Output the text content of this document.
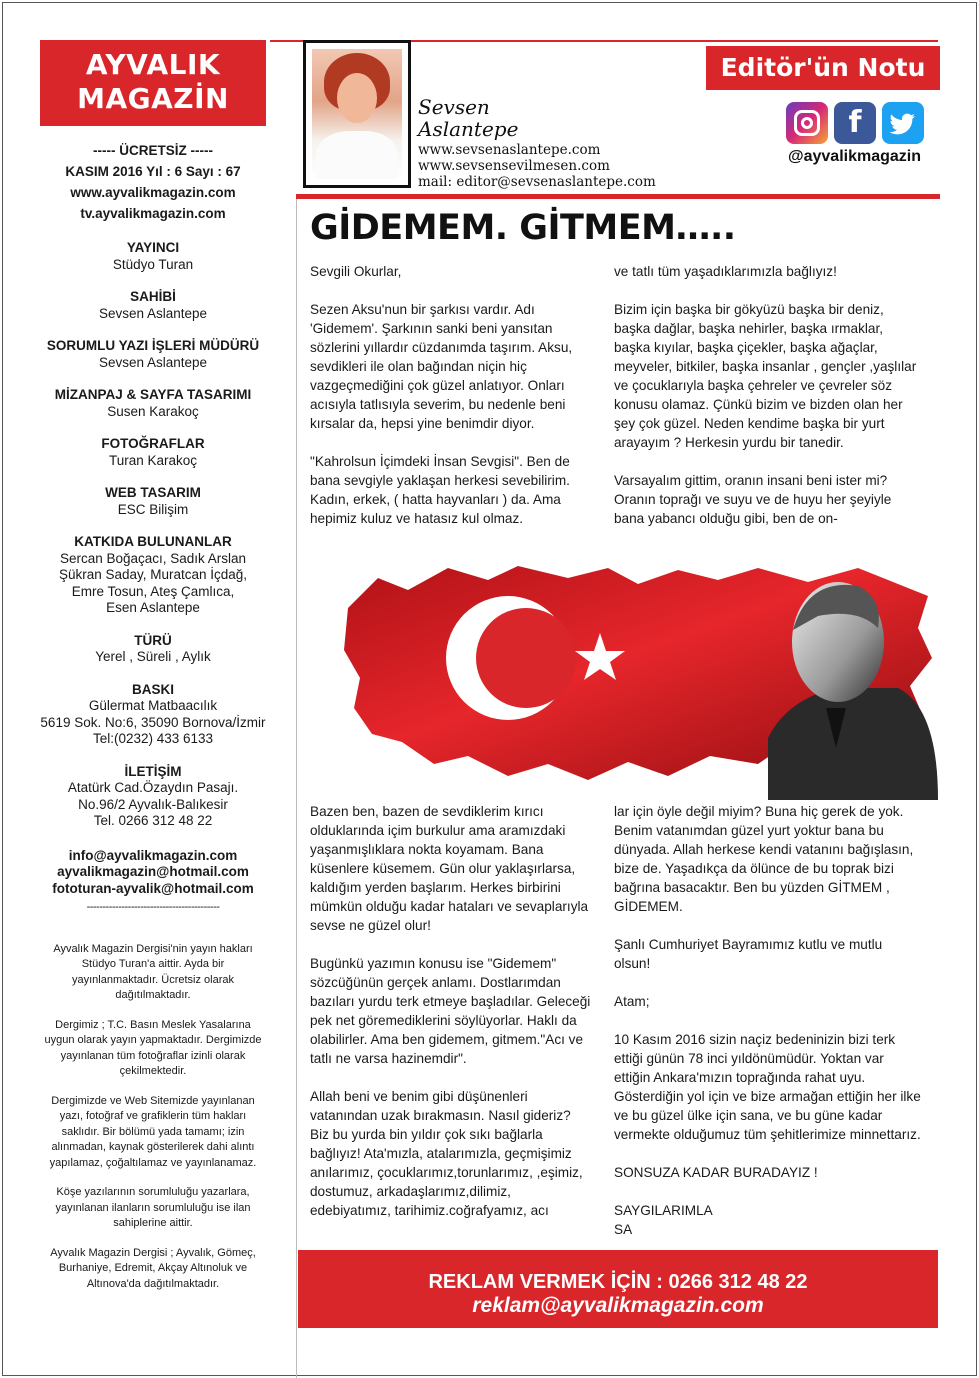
AYVALIK
MAGAZİN
----- ÜCRETSİZ -----
KASIM 2016 Yıl : 6 Sayı : 67
www.ayvalikmagazin.com
tv.ayvalikmagazin.com
YAYINCI
Stüdyo Turan
SAHİBİ
Sevsen Aslantepe
SORUMLU YAZI İŞLERİ MÜDÜRÜ
Sevsen Aslantepe
MİZANPAJ & SAYFA TASARIMI
Susen Karakoç
FOTOĞRAFLAR
Turan Karakoç
WEB TASARIM
ESC Bilişim
KATKIDA BULUNANLAR
Sercan Boğaçacı, Sadık Arslan
Şükran Saday, Muratcan İçdağ,
Emre Tosun, Ateş Çamlıca,
Esen Aslantepe
TÜRÜ
Yerel , Süreli , Aylık
BASKI
Gülermat Matbaacılık
5619 Sok. No:6, 35090 Bornova/İzmir
Tel:(0232) 433 6133
İLETİŞİM
Atatürk Cad.Özaydın Pasajı.
No.96/2 Ayvalık-Balıkesir
Tel. 0266 312 48 22
info@ayvalikmagazin.com
ayvalikmagazin@hotmail.com
fototuran-ayvalik@hotmail.com
------------------------------------------

Ayvalık Magazin Dergisi'nin yayın hakları Stüdyo Turan'a aittir. Ayda bir yayınlanmaktadır. Ücretsiz olarak dağıtılmaktadır.

Dergimiz ; T.C. Basın Meslek Yasalarına uygun olarak yayın yapmaktadır. Dergimizde yayınlanan tüm fotoğraflar izinli olarak çekilmektedir.

Dergimizde ve Web Sitemizde yayınlanan yazı, fotoğraf ve grafiklerin tüm hakları saklıdır. Bir bölümü yada tamamı; izin alınmadan, kaynak gösterilerek dahi alıntı yapılamaz, çoğaltılamaz ve yayınlanamaz.

Köşe yazılarının sorumluluğu yazarlara, yayınlanan ilanların sorumluluğu ise ilan sahiplerine aittir.

Ayvalık Magazin Dergisi ; Ayvalık, Gömeç, Burhaniye, Edremit, Akçay Altınoluk ve Altınova'da dağıtılmaktadır.

Sevsen
Aslantepe
www.sevsenaslantepe.com
www.sevsensevilmesen.com
mail: editor@sevsenaslantepe.com
Editör'ün Notu
f
@ayvalikmagazin
GİDEMEM. GİTMEM…..

Sevgili Okurlar,

Sezen Aksu'nun bir şarkısı vardır. Adı 'Gidemem'. Şarkının sanki beni yansıtan sözlerini yıllardır cüzdanımda taşırım. Aksu, sevdikleri ile olan bağından niçin hiç vazgeçmediğini çok güzel anlatıyor. Onları acısıyla tatlısıyla severim, bu nedenle beni kırsalar da, hepsi yine benimdir diyor.

"Kahrolsun İçimdeki İnsan Sevgisi". Ben de bana sevgiyle yaklaşan herkesi sevebilirim. Kadın, erkek, ( hatta hayvanları ) da. Ama hepimiz kuluz ve hatasız kul olmaz.

ve tatlı tüm yaşadıklarımızla bağlıyız!

Bizim için başka bir gökyüzü başka bir deniz, başka dağlar, başka nehirler, başka ırmaklar, başka kıyılar, başka çiçekler, başka ağaçlar, meyveler, bitkiler, başka insanlar , gençler ,yaşlılar ve çocuklarıyla başka çehreler ve çevreler söz konusu olamaz. Çünkü bizim ve bizden olan her şey çok güzel. Neden kendime başka bir yurt arayayım ? Herkesin yurdu bir tanedir.

Varsayalım gittim, oranın insani beni ister mi? Oranın toprağı ve suyu ve de huyu her şeyiyle bana yabancı olduğu gibi, ben de on-

Bazen ben, bazen de sevdiklerim kırıcı olduklarında içim burkulur ama aramızdaki yaşanmışlıklara nokta koyamam. Bana küsenlere küsemem. Gün olur yaklaşırlarsa, kaldığım yerden başlarım. Herkes birbirini mümkün olduğu kadar hataları ve sevaplarıyla sevse ne güzel olur!

Bugünkü yazımın konusu ise "Gidemem" sözcüğünün gerçek anlamı. Dostlarımdan bazıları yurdu terk etmeye başladılar. Geleceği pek net göremediklerini söylüyorlar. Haklı da olabilirler. Ama ben gidemem, gitmem."Acı ve tatlı ne varsa hazinemdir".

Allah beni ve benim gibi düşünenleri vatanından uzak bırakmasın. Nasıl gideriz? Biz bu yurda bin yıldır çok sıkı bağlarla bağlıyız! Ata'mızla, atalarımızla, geçmişimiz anılarımız, çocuklarımız,torunlarımız, ,eşimiz, dostumuz, arkadaşlarımız,dilimiz, edebiyatımız, tarihimiz.coğrafyamız, acı

lar için öyle değil miyim? Buna hiç gerek de yok. Benim vatanımdan güzel yurt yoktur bana bu dünyada. Allah herkese kendi vatanını bağışlasın, bize de. Yaşadıkça da ölünce de bu toprak bizi bağrına basacaktır. Ben bu yüzden GİTMEM , GİDEMEM.

Şanlı Cumhuriyet Bayramımız kutlu ve mutlu olsun!

Atam;

10 Kasım 2016 sizin naçiz bedeninizin bizi terk ettiği günün 78 inci yıldönümüdür. Yoktan var ettiğin Ankara'mızın toprağında rahat uyu. Gösterdiğin yol için ve bize armağan ettiğin her ilke ve bu güzel ülke için sana, ve bu güne kadar vermekte olduğumuz tüm şehitlerimize minnettarız.

SONSUZA KADAR BURADAYIZ !

SAYGILARIMLA
SA

REKLAM VERMEK İÇİN : 0266 312 48 22
reklam@ayvalikmagazin.com
